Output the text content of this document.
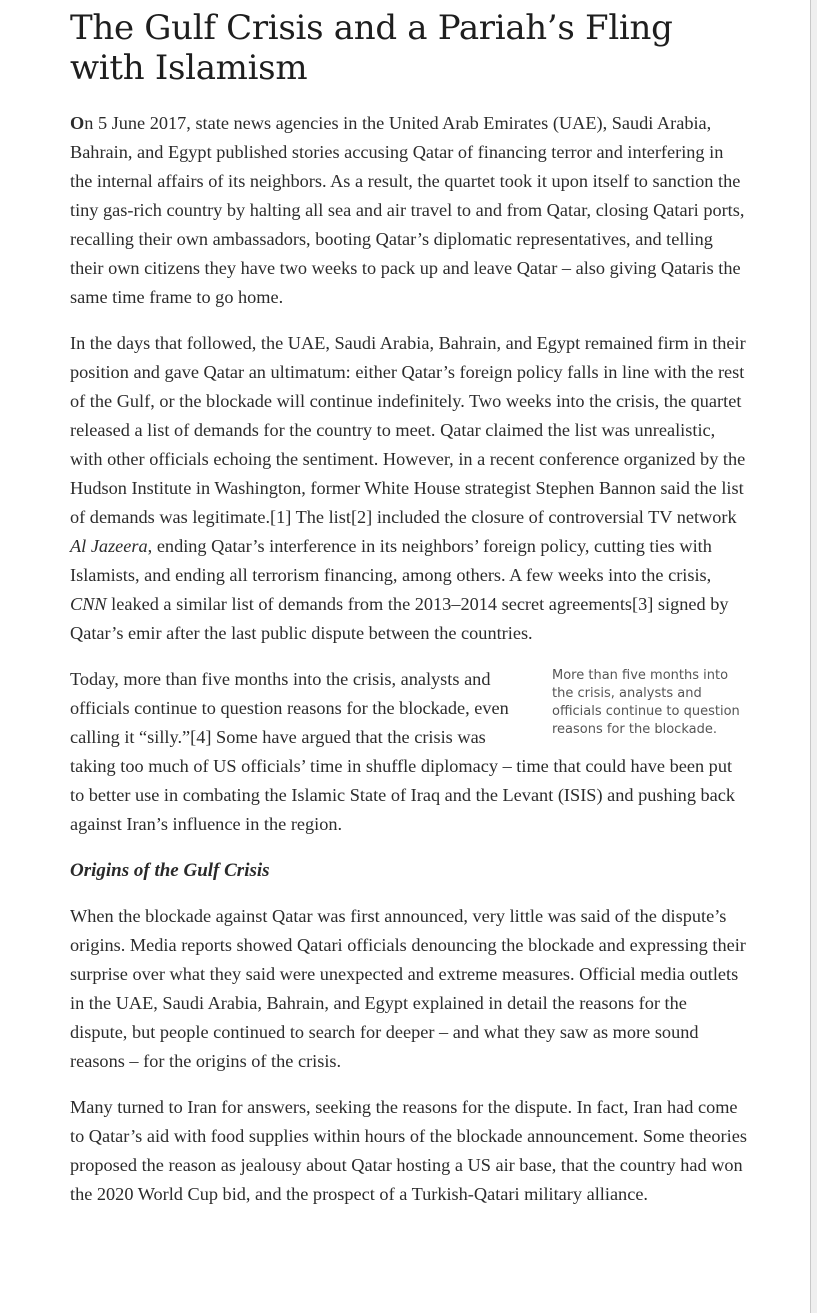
The Gulf Crisis and a Pariah’s Fling with Islamism

On 5 June 2017, state news agencies in the United Arab Emirates (UAE), Saudi Arabia, Bahrain, and Egypt published stories accusing Qatar of financing terror and interfering in the internal affairs of its neighbors. As a result, the quartet took it upon itself to sanction the tiny gas-rich country by halting all sea and air travel to and from Qatar, closing Qatari ports, recalling their own ambassadors, booting Qatar’s diplomatic representatives, and telling their own citizens they have two weeks to pack up and leave Qatar – also giving Qataris the same time frame to go home.

In the days that followed, the UAE, Saudi Arabia, Bahrain, and Egypt remained firm in their position and gave Qatar an ultimatum: either Qatar’s foreign policy falls in line with the rest of the Gulf, or the blockade will continue indefinitely. Two weeks into the crisis, the quartet released a list of demands for the country to meet. Qatar claimed the list was unrealistic, with other officials echoing the sentiment. However, in a recent conference organized by the Hudson Institute in Washington, former White House strategist Stephen Bannon said the list of demands was legitimate.[1] The list[2] included the closure of controversial TV network Al Jazeera, ending Qatar’s interference in its neighbors’ foreign policy, cutting ties with Islamists, and ending all terrorism financing, among others. A few weeks into the crisis, CNN leaked a similar list of demands from the 2013–2014 secret agreements[3] signed by Qatar’s emir after the last public dispute between the countries.

More than five months into the crisis, analysts and officials continue to question reasons for the blockade.

Today, more than five months into the crisis, analysts and officials continue to question reasons for the blockade, even calling it “silly.”[4] Some have argued that the crisis was taking too much of US officials’ time in shuffle diplomacy – time that could have been put to better use in combating the Islamic State of Iraq and the Levant (ISIS) and pushing back against Iran’s influence in the region.

Origins of the Gulf Crisis

When the blockade against Qatar was first announced, very little was said of the dispute’s origins. Media reports showed Qatari officials denouncing the blockade and expressing their surprise over what they said were unexpected and extreme measures. Official media outlets in the UAE, Saudi Arabia, Bahrain, and Egypt explained in detail the reasons for the dispute, but people continued to search for deeper – and what they saw as more sound reasons – for the origins of the crisis.

Many turned to Iran for answers, seeking the reasons for the dispute. In fact, Iran had come to Qatar’s aid with food supplies within hours of the blockade announcement. Some theories proposed the reason as jealousy about Qatar hosting a US air base, that the country had won the 2020 World Cup bid, and the prospect of a Turkish-Qatari military alliance.
